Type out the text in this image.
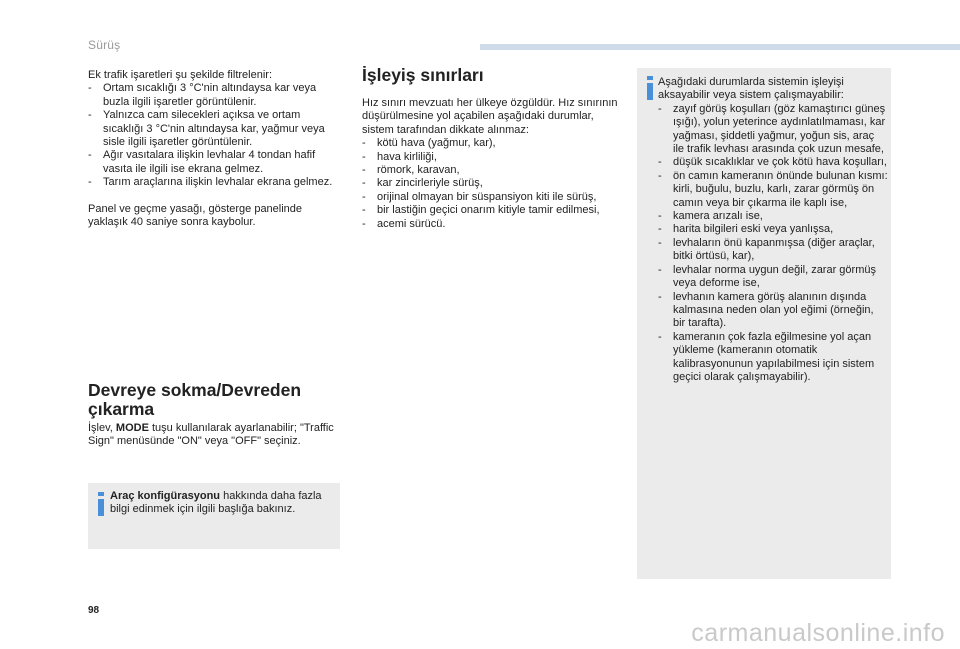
Sürüş

Ek trafik işaretleri şu şekilde filtrelenir:

- Ortam sıcaklığı 3 °C'nin altındaysa kar veya buzla ilgili işaretler görüntülenir.
- Yalnızca cam silecekleri açıksa ve ortam sıcaklığı 3 °C'nin altındaysa kar, yağmur veya sisle ilgili işaretler görüntülenir.
- Ağır vasıtalara ilişkin levhalar 4 tondan hafif vasıta ile ilgili ise ekrana gelmez.
- Tarım araçlarına ilişkin levhalar ekrana gelmez.

Panel ve geçme yasağı, gösterge panelinde yaklaşık 40 saniye sonra kaybolur.

Devreye sokma/Devreden çıkarma
İşlev, MODE tuşu kullanılarak ayarlanabilir; "Traffic Sign" menüsünde "ON" veya "OFF" seçiniz.
Araç konfigürasyonu hakkında daha fazla bilgi edinmek için ilgili başlığa bakınız.
İşleyiş sınırları

Hız sınırı mevzuatı her ülkeye özgüldür. Hız sınırının düşürülmesine yol açabilen aşağıdaki durumlar, sistem tarafından dikkate alınmaz:

- kötü hava (yağmur, kar),
- hava kirliliği,
- römork, karavan,
- kar zincirleriyle sürüş,
- orijinal olmayan bir süspansiyon kiti ile sürüş,
- bir lastiğin geçici onarım kitiyle tamir edilmesi,
- acemi sürücü.

Aşağıdaki durumlarda sistemin işleyişi aksayabilir veya sistem çalışmayabilir:

- zayıf görüş koşulları (göz kamaştırıcı güneş ışığı), yolun yeterince aydınlatılmaması, kar yağması, şiddetli yağmur, yoğun sis, araç ile trafik levhası arasında çok uzun mesafe,
- düşük sıcaklıklar ve çok kötü hava koşulları,
- ön camın kameranın önünde bulunan kısmı: kirli, buğulu, buzlu, karlı, zarar görmüş ön camın veya bir çıkarma ile kaplı ise,
- kamera arızalı ise,
- harita bilgileri eski veya yanlışsa,
- levhaların önü kapanmışsa (diğer araçlar, bitki örtüsü, kar),
- levhalar norma uygun değil, zarar görmüş veya deforme ise,
- levhanın kamera görüş alanının dışında kalmasına neden olan yol eğimi (örneğin, bir tarafta).
- kameranın çok fazla eğilmesine yol açan yükleme (kameranın otomatik kalibrasyonunun yapılabilmesi için sistem geçici olarak çalışmayabilir).
98
carmanualsonline.info
